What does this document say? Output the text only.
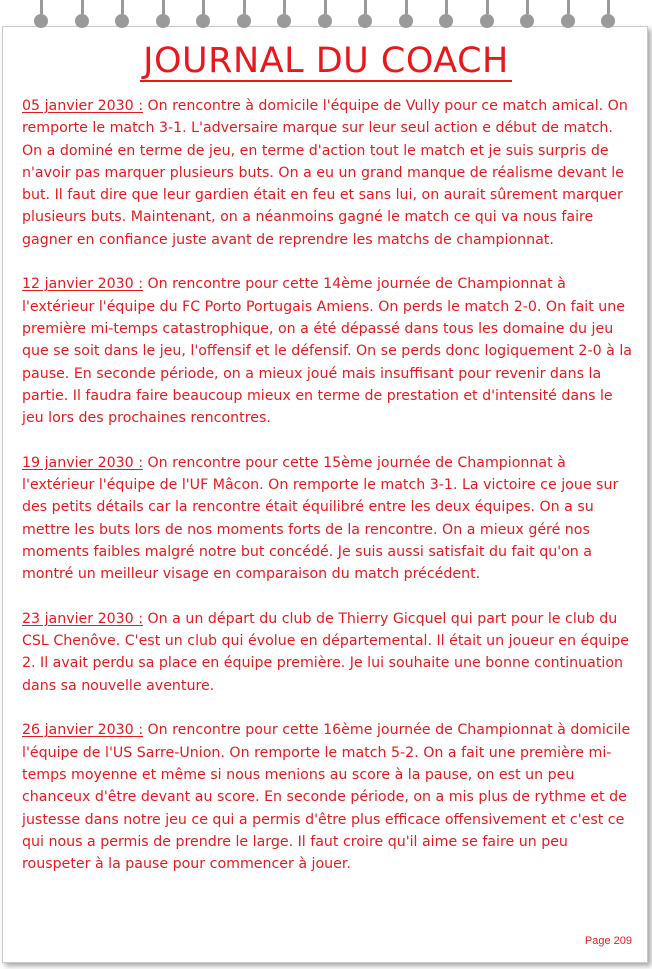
JOURNAL DU COACH

05 janvier 2030 : On rencontre à domicile l'équipe de Vully pour ce match amical. On remporte le match 3-1. L'adversaire marque sur leur seul action e début de match. On a dominé en terme de jeu, en terme d'action tout le match et je suis surpris de n'avoir pas marquer plusieurs buts. On a eu un grand manque de réalisme devant le but. Il faut dire que leur gardien était en feu et sans lui, on aurait sûrement marquer plusieurs buts. Maintenant, on a néanmoins gagné le match ce qui va nous faire gagner en confiance juste avant de reprendre les matchs de championnat.

12 janvier 2030 : On rencontre pour cette 14ème journée de Championnat à l'extérieur l'équipe du FC Porto Portugais Amiens. On perds le match 2-0. On fait une première mi-temps catastrophique, on a été dépassé dans tous les domaine du jeu que se soit dans le jeu, l'offensif et le défensif. On se perds donc logiquement 2-0 à la pause. En seconde période, on a mieux joué mais insuffisant pour revenir dans la partie. Il faudra faire beaucoup mieux en terme de prestation et d'intensité dans le jeu lors des prochaines rencontres.

19 janvier 2030 : On rencontre pour cette 15ème journée de Championnat à l'extérieur l'équipe de l'UF Mâcon. On remporte le match 3-1. La victoire ce joue sur des petits détails car la rencontre était équilibré entre les deux équipes. On a su mettre les buts lors de nos moments forts de la rencontre. On a mieux géré nos moments faibles malgré notre but concédé. Je suis aussi satisfait du fait qu'on a montré un meilleur visage en comparaison du match précédent.

23 janvier 2030 : On a un départ du club de Thierry Gicquel qui part pour le club du CSL Chenôve. C'est un club qui évolue en départemental. Il était un joueur en équipe 2. Il avait perdu sa place en équipe première. Je lui souhaite une bonne continuation dans sa nouvelle aventure.

26 janvier 2030 : On rencontre pour cette 16ème journée de Championnat à domicile l'équipe de l'US Sarre-Union. On remporte le match 5-2. On a fait une première mi-temps moyenne et même si nous menions au score à la pause, on est un peu chanceux d'être devant au score. En seconde période, on a mis plus de rythme et de justesse dans notre jeu ce qui a permis d'être plus efficace offensivement et c'est ce qui nous a permis de prendre le large. Il faut croire qu'il aime se faire un peu rouspeter à la pause pour commencer à jouer.

Page 209
